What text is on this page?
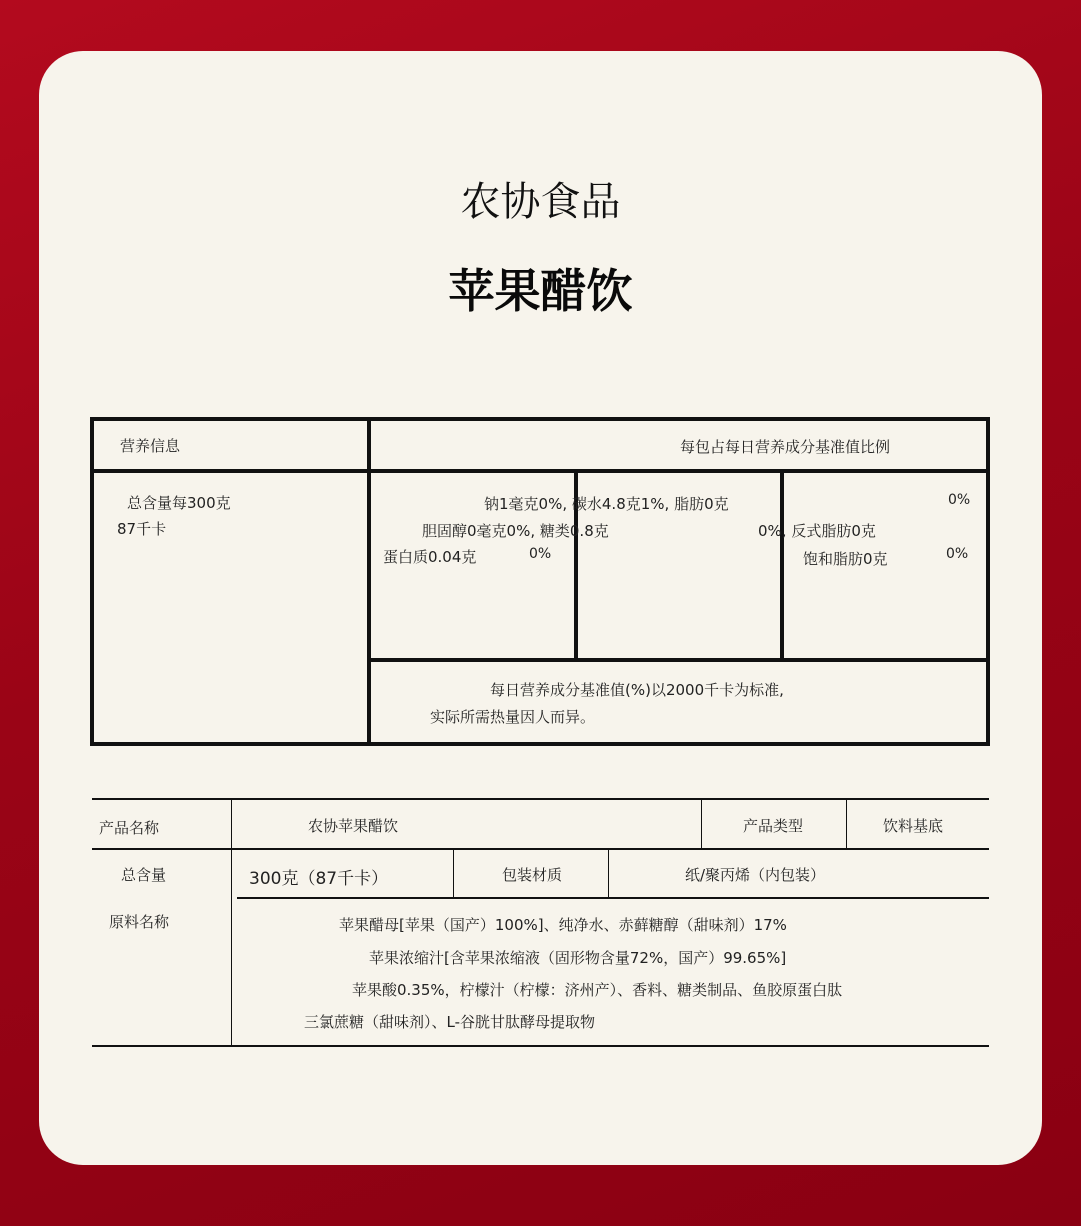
农协食品
苹果醋饮
营养信息	每包占每日营养成分基准值比例
总含量每300克
87千卡
钠1毫克0%, 碳水4.8克1%, 脂肪0克	0%
胆固醇0毫克0%, 糖类0.8克	0%, 反式脂肪0克
蛋白质0.04克	0%	饱和脂肪0克	0%
每日营养成分基准值(%)以2000千卡为标准,
实际所需热量因人而异。
产品名称	农协苹果醋饮	产品类型	饮料基底
总含量	300克（87千卡）	包装材质	纸/聚丙烯（内包装）
原料名称	苹果醋母[苹果（国产）100%]、纯净水、赤藓糖醇（甜味剂）17%
苹果浓缩汁[含苹果浓缩液（固形物含量72%，国产）99.65%]
苹果酸0.35%，柠檬汁（柠檬：济州产）、香料、糖类制品、鱼胶原蛋白肽
三氯蔗糖（甜味剂）、L-谷胱甘肽酵母提取物
